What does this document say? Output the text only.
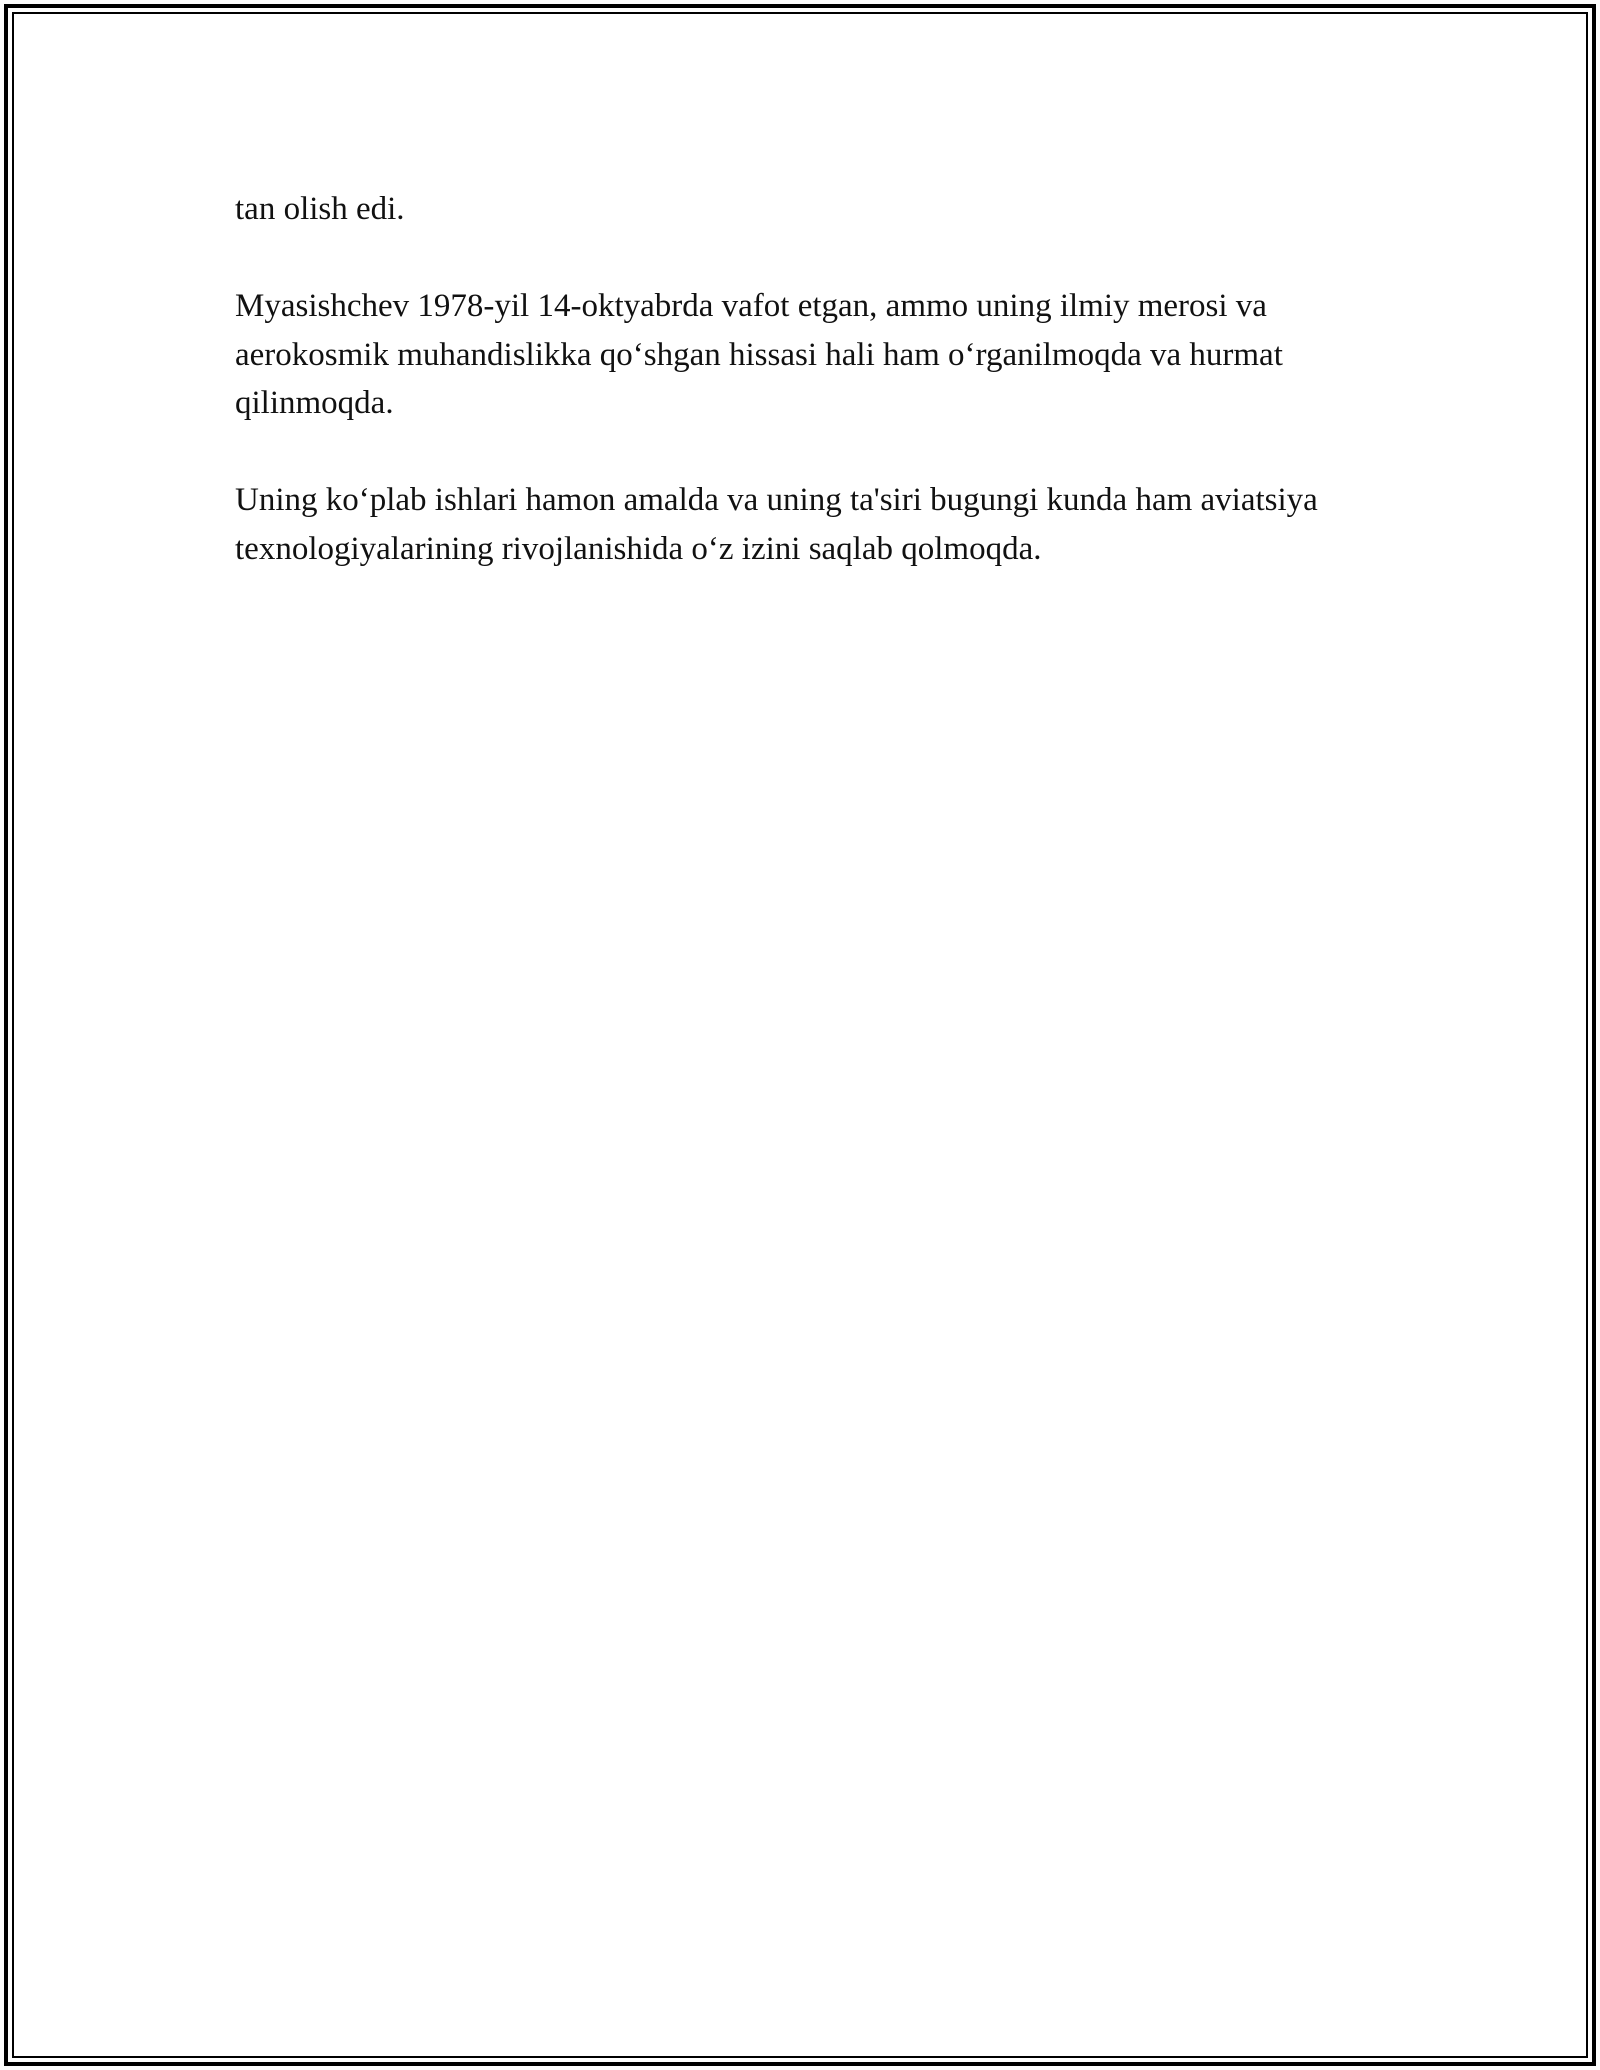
tan olish edi.

Myasishchev 1978-yil 14-oktyabrda vafot etgan, ammo uning ilmiy merosi va aerokosmik muhandislikka qo‘shgan hissasi hali ham o‘rganilmoqda va hurmat qilinmoqda.

Uning ko‘plab ishlari hamon amalda va uning ta'siri bugungi kunda ham aviatsiya texnologiyalarining rivojlanishida o‘z izini saqlab qolmoqda.
